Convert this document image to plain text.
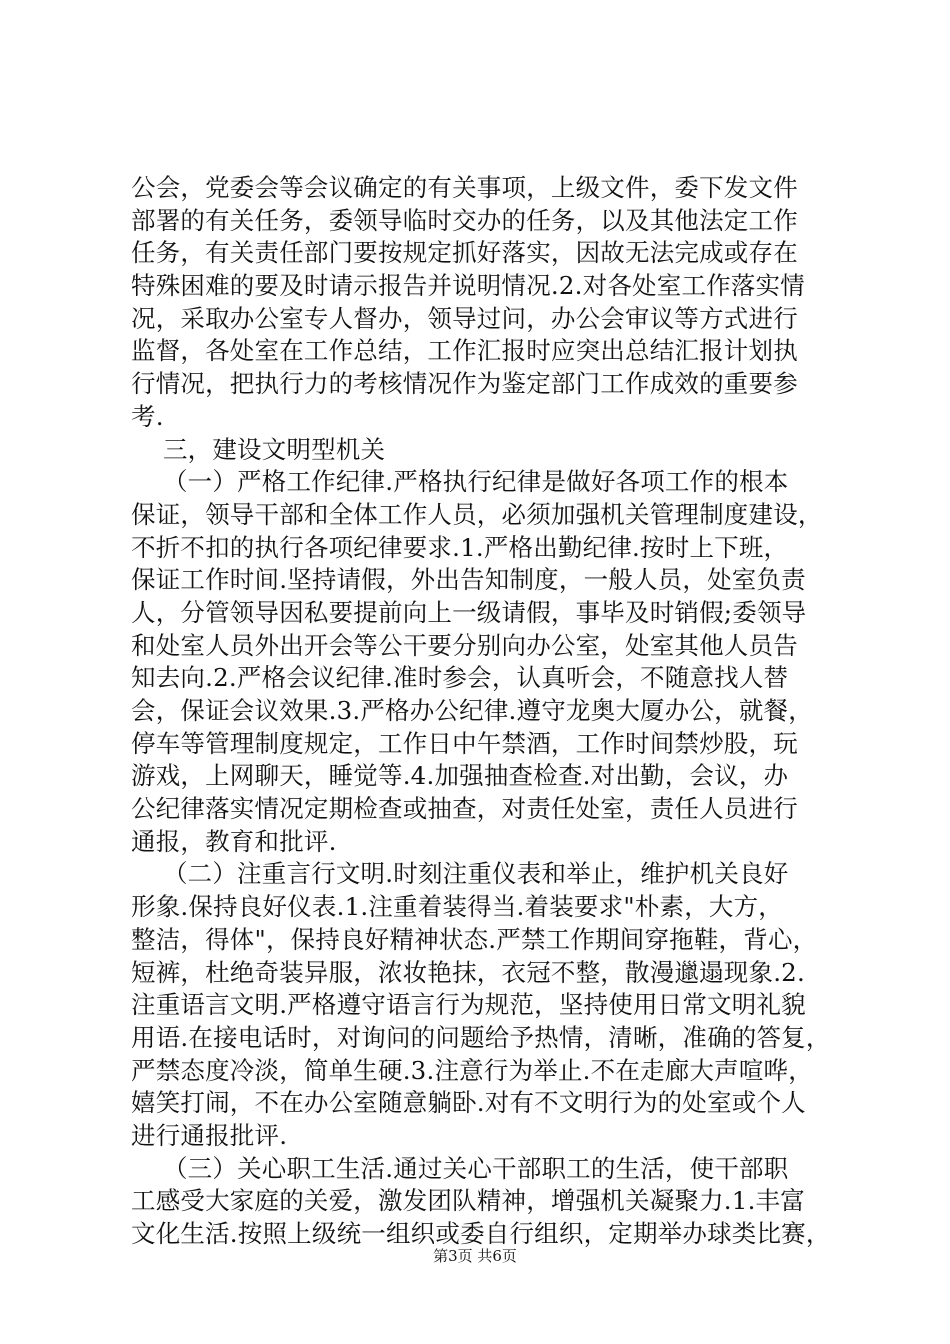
公会，党委会等会议确定的有关事项，上级文件，委下发文件
部署的有关任务，委领导临时交办的任务，以及其他法定工作
任务，有关责任部门要按规定抓好落实，因故无法完成或存在
特殊困难的要及时请示报告并说明情况.2.对各处室工作落实情
况，采取办公室专人督办，领导过问，办公会审议等方式进行
监督，各处室在工作总结，工作汇报时应突出总结汇报计划执
行情况，把执行力的考核情况作为鉴定部门工作成效的重要参
考.
三，建设文明型机关
（一）严格工作纪律.严格执行纪律是做好各项工作的根本
保证，领导干部和全体工作人员，必须加强机关管理制度建设，
不折不扣的执行各项纪律要求.1.严格出勤纪律.按时上下班，
保证工作时间.坚持请假，外出告知制度，一般人员，处室负责
人，分管领导因私要提前向上一级请假，事毕及时销假;委领导
和处室人员外出开会等公干要分别向办公室，处室其他人员告
知去向.2.严格会议纪律.准时参会，认真听会，不随意找人替
会，保证会议效果.3.严格办公纪律.遵守龙奥大厦办公，就餐，
停车等管理制度规定，工作日中午禁酒，工作时间禁炒股，玩
游戏，上网聊天，睡觉等.4.加强抽查检查.对出勤，会议，办
公纪律落实情况定期检查或抽查，对责任处室，责任人员进行
通报，教育和批评.
（二）注重言行文明.时刻注重仪表和举止，维护机关良好
形象.保持良好仪表.1.注重着装得当.着装要求"朴素，大方，
整洁，得体"，保持良好精神状态.严禁工作期间穿拖鞋，背心，
短裤，杜绝奇装异服，浓妆艳抹，衣冠不整，散漫邋遢现象.2.
注重语言文明.严格遵守语言行为规范，坚持使用日常文明礼貌
用语.在接电话时，对询问的问题给予热情，清晰，准确的答复，
严禁态度冷淡，简单生硬.3.注意行为举止.不在走廊大声喧哗，
嬉笑打闹，不在办公室随意躺卧.对有不文明行为的处室或个人
进行通报批评.
（三）关心职工生活.通过关心干部职工的生活，使干部职
工感受大家庭的关爱，激发团队精神，增强机关凝聚力.1.丰富
文化生活.按照上级统一组织或委自行组织，定期举办球类比赛，
第3页 共6页
